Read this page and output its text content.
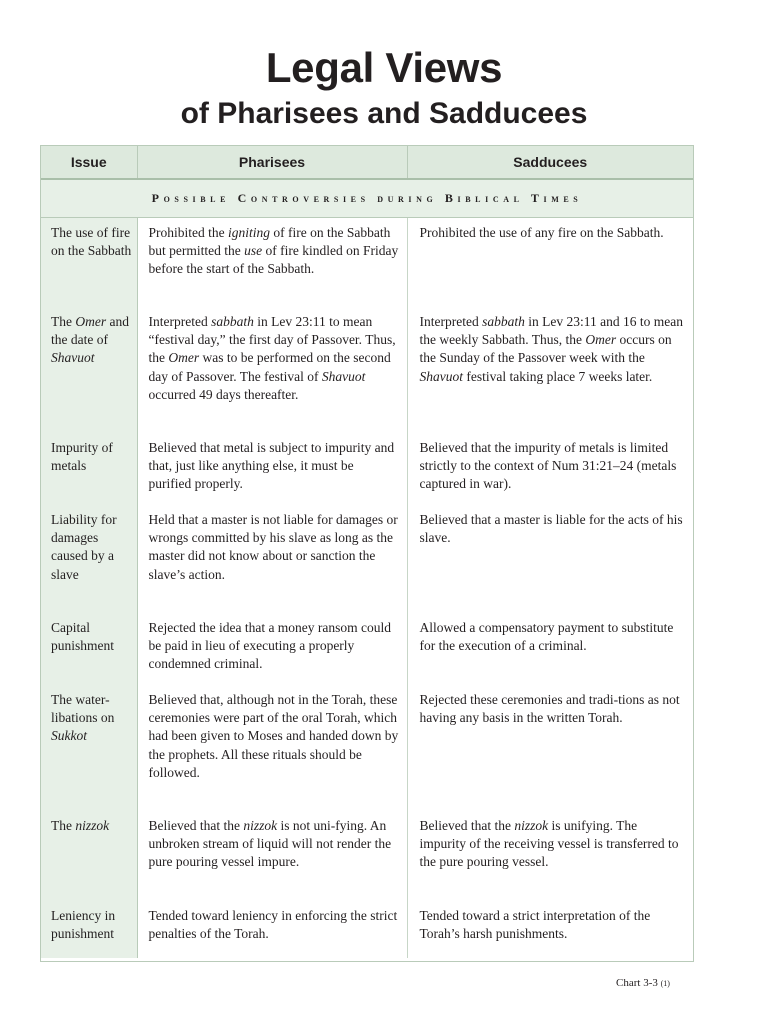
Legal Views
of Pharisees and Sadducees
Issue	Pharisees	Sadducees
Possible Controversies during Biblical Times		
The use of fire on the Sabbath	Prohibited the igniting of fire on the Sabbath but permitted the use of fire kindled on Friday before the start of the Sabbath.	Prohibited the use of any fire on the Sabbath.
The Omer and the date of Shavuot	Interpreted sabbath in Lev 23:11 to mean “festival day,” the first day of Passover. Thus, the Omer was to be performed on the second day of Passover. The festival of Shavuot occurred 49 days thereafter.	Interpreted sabbath in Lev 23:11 and 16 to mean the weekly Sabbath. Thus, the Omer occurs on the Sunday of the Passover week with the Shavuot festival taking place 7 weeks later.
Impurity of metals	Believed that metal is subject to impurity and that, just like anything else, it must be purified properly.	Believed that the impurity of metals is limited strictly to the context of Num 31:21–24 (metals captured in war).
Liability for damages caused by a slave	Held that a master is not liable for damages or wrongs committed by his slave as long as the master did not know about or sanction the slave’s action.	Believed that a master is liable for the acts of his slave.
Capital punishment	Rejected the idea that a money ransom could be paid in lieu of executing a properly condemned criminal.	Allowed a compensatory payment to substitute for the execution of a criminal.
The water-libations on Sukkot	Believed that, although not in the Torah, these ceremonies were part of the oral Torah, which had been given to Moses and handed down by the prophets. All these rituals should be followed.	Rejected these ceremonies and tradi-tions as not having any basis in the written Torah.
The nizzok	Believed that the nizzok is not uni-fying. An unbroken stream of liquid will not render the pure pouring vessel impure.	Believed that the nizzok is unifying. The impurity of the receiving vessel is transferred to the pure pouring vessel.
Leniency in punishment	Tended toward leniency in enforcing the strict penalties of the Torah.	Tended toward a strict interpretation of the Torah’s harsh punishments.
Chart 3-3 (1)
